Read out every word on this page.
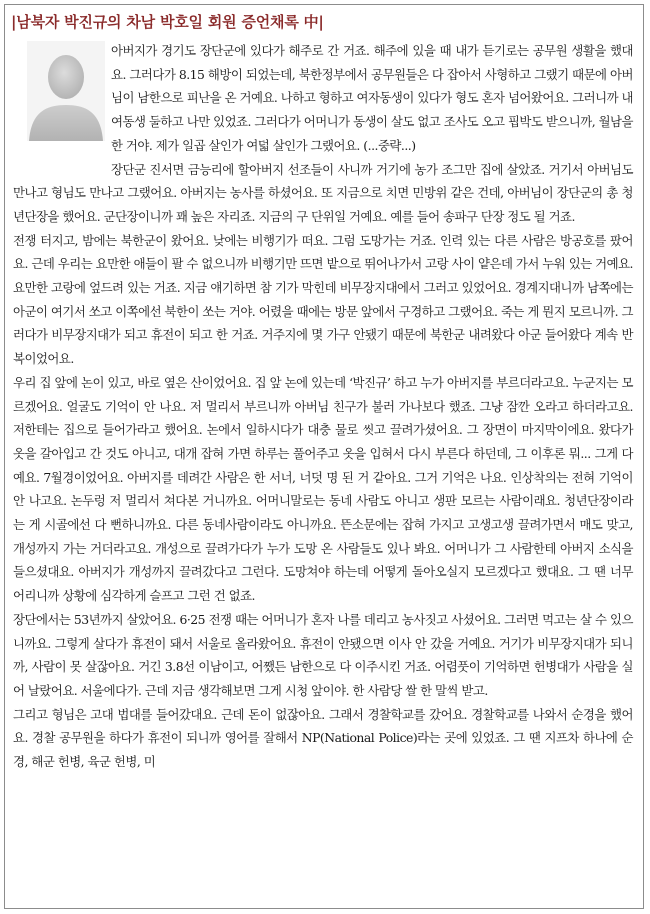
|남북자 박진규의 차남 박호일 회원 증언채록 中|

아버지가 경기도 장단군에 있다가 해주로 간 거죠. 해주에 있을 때 내가 듣기로는 공무원 생활을 했대요. 그러다가 8.15 해방이 되었는데, 북한정부에서 공무원들은 다 잡아서 사형하고 그랬기 때문에 아버님이 남한으로 피난을 온 거예요. 나하고 형하고 여자동생이 있다가 형도 혼자 넘어왔어요. 그러니까 내 여동생 둘하고 나만 있었죠. 그러다가 어머니가 동생이 살도 없고 조사도 오고 핍박도 받으니까, 월남을 한 거야. 제가 일곱 살인가 여덟 살인가 그랬어요. (...중략...)

장단군 진서면 금능리에 할아버지 선조들이 사니까 거기에 농가 조그만 집에 살았죠. 거기서 아버님도 만나고 형님도 만나고 그랬어요. 아버지는 농사를 하셨어요. 또 지금으로 치면 민방위 같은 건데, 아버님이 장단군의 총 청년단장을 했어요. 군단장이니까 꽤 높은 자리죠. 지금의 구 단위일 거예요. 예를 들어 송파구 단장 정도 될 거죠.

전쟁 터지고, 밤에는 북한군이 왔어요. 낮에는 비행기가 떠요. 그럼 도망가는 거죠. 인력 있는 다른 사람은 방공호를 팠어요. 근데 우리는 요만한 애들이 팔 수 없으니까 비행기만 뜨면 밭으로 뛰어나가서 고랑 사이 얕은데 가서 누워 있는 거예요. 요만한 고랑에 엎드려 있는 거죠. 지금 얘기하면 참 기가 막힌데 비무장지대에서 그러고 있었어요. 경계지대니까 남쪽에는 아군이 여기서 쏘고 이쪽에선 북한이 쏘는 거야. 어렸을 때에는 방문 앞에서 구경하고 그랬어요. 죽는 게 뭔지 모르니까. 그러다가 비무장지대가 되고 휴전이 되고 한 거죠. 거주지에 몇 가구 안됐기 때문에 북한군 내려왔다 아군 들어왔다 계속 반복이었어요.

우리 집 앞에 논이 있고, 바로 옆은 산이었어요. 집 앞 논에 있는데 ‘박진규’ 하고 누가 아버지를 부르더라고요. 누군지는 모르겠어요. 얼굴도 기억이 안 나요. 저 멀리서 부르니까 아버님 친구가 불러 가나보다 했죠. 그냥 잠깐 오라고 하더라고요. 저한테는 집으로 들어가라고 했어요. 논에서 일하시다가 대충 물로 씻고 끌려가셨어요. 그 장면이 마지막이에요. 왔다가 옷을 갈아입고 간 것도 아니고, 대개 잡혀 가면 하루는 풀어주고 옷을 입혀서 다시 부른다 하던데, 그 이후론 뭐... 그게 다예요. 7월경이었어요. 아버지를 데려간 사람은 한 서너, 너덧 명 된 거 같아요. 그거 기억은 나요. 인상착의는 전혀 기억이 안 나고요. 논두렁 저 멀리서 쳐다본 거니까요. 어머니말로는 동네 사람도 아니고 생판 모르는 사람이래요. 청년단장이라는 게 시골에선 다 뻔하니까요. 다른 동네사람이라도 아니까요. 뜬소문에는 잡혀 가지고 고생고생 끌려가면서 매도 맞고, 개성까지 가는 거더라고요. 개성으로 끌려가다가 누가 도망 온 사람들도 있나 봐요. 어머니가 그 사람한테 아버지 소식을 들으셨대요. 아버지가 개성까지 끌려갔다고 그런다. 도망쳐야 하는데 어떻게 돌아오실지 모르겠다고 했대요. 그 땐 너무 어리니까 상황에 심각하게 슬프고 그런 건 없죠.

장단에서는 53년까지 살았어요. 6·25 전쟁 때는 어머니가 혼자 나를 데리고 농사짓고 사셨어요. 그러면 먹고는 살 수 있으니까요. 그렇게 살다가 휴전이 돼서 서울로 올라왔어요. 휴전이 안됐으면 이사 안 갔을 거예요. 거기가 비무장지대가 되니까, 사람이 못 살잖아요. 거긴 3.8선 이남이고, 어쨌든 남한으로 다 이주시킨 거죠. 어렴풋이 기억하면 헌병대가 사람을 실어 날랐어요. 서울에다가. 근데 지금 생각해보면 그게 시청 앞이야. 한 사람당 쌀 한 말씩 받고.

그리고 형님은 고대 법대를 들어갔대요. 근데 돈이 없잖아요. 그래서 경찰학교를 갔어요. 경찰학교를 나와서 순경을 했어요. 경찰 공무원을 하다가 휴전이 되니까 영어를 잘해서 NP(National Police)라는 곳에 있었죠. 그 땐 지프차 하나에 순경, 해군 헌병, 육군 헌병, 미
